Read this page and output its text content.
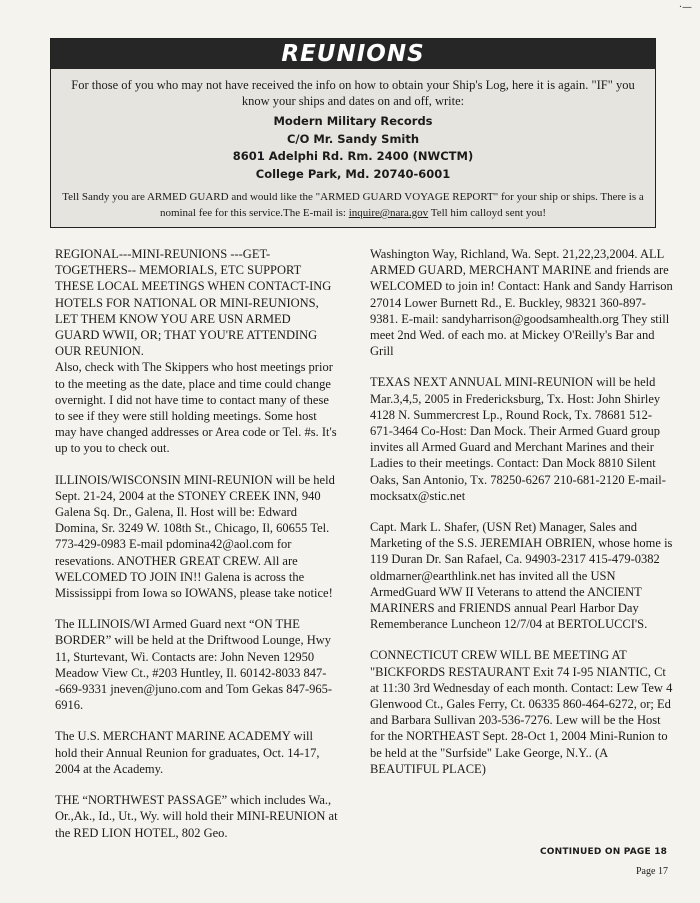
·—
REUNIONS
For those of you who may not have received the info on how to obtain your Ship's Log, here it is again. "IF" you know your ships and dates on and off, write:
Modern Military Records
C/O Mr. Sandy Smith
8601 Adelphi Rd. Rm. 2400 (NWCTM)
College Park, Md. 20740-6001
Tell Sandy you are ARMED GUARD and would like the "ARMED GUARD VOYAGE REPORT" for your ship or ships. There is a nominal fee for this service.The E-mail is: inquire@nara.gov Tell him calloyd sent you!

REGIONAL---MINI-REUNIONS ---GET-TOGETHERS-- MEMORIALS, ETC SUPPORT THESE LOCAL MEETINGS WHEN CONTACT-ING HOTELS FOR NATIONAL OR MINI-REUNIONS, LET THEM KNOW YOU ARE USN ARMED GUARD WWII, OR; THAT YOU'RE ATTENDING OUR REUNION.
Also, check with The Skippers who host meetings prior to the meeting as the date, place and time could change overnight. I did not have time to contact many of these to see if they were still holding meetings. Some host may have changed addresses or Area code or Tel. #s. It's up to you to check out.

ILLINOIS/WISCONSIN MINI-REUNION will be held Sept. 21-24, 2004 at the STONEY CREEK INN, 940 Galena Sq. Dr., Galena, Il. Host will be: Edward Domina, Sr. 3249 W. 108th St., Chicago, Il, 60655 Tel. 773-429-0983 E-mail pdomina42@aol.com for resevations. ANOTHER GREAT CREW. All are WELCOMED TO JOIN IN!! Galena is across the Mississippi from Iowa so IOWANS, please take notice!

The ILLINOIS/WI Armed Guard next “ON THE BORDER” will be held at the Driftwood Lounge, Hwy 11, Sturtevant, Wi. Contacts are: John Neven 12950 Meadow View Ct., #203 Huntley, Il. 60142-8033 847--669-9331 jneven@juno.com and Tom Gekas 847-965-6916.

The U.S. MERCHANT MARINE ACADEMY will hold their Annual Reunion for graduates, Oct. 14-17, 2004 at the Academy.

THE “NORTHWEST PASSAGE” which includes Wa., Or.,Ak., Id., Ut., Wy. will hold their MINI-REUNION at the RED LION HOTEL, 802 Geo.

Washington Way, Richland, Wa. Sept. 21,22,23,2004. ALL ARMED GUARD, MERCHANT MARINE and friends are WELCOMED to join in! Contact: Hank and Sandy Harrison 27014 Lower Burnett Rd., E. Buckley, 98321 360-897-9381. E-mail: sandyharrison@goodsamhealth.org They still meet 2nd Wed. of each mo. at Mickey O'Reilly's Bar and Grill

TEXAS NEXT ANNUAL MINI-REUNION will be held Mar.3,4,5, 2005 in Fredericksburg, Tx. Host: John Shirley 4128 N. Summercrest Lp., Round Rock, Tx. 78681 512-671-3464 Co-Host: Dan Mock. Their Armed Guard group invites all Armed Guard and Merchant Marines and their Ladies to their meetings. Contact: Dan Mock 8810 Silent Oaks, San Antonio, Tx. 78250-6267 210-681-2120 E-mail-mocksatx@stic.net

Capt. Mark L. Shafer, (USN Ret) Manager, Sales and Marketing of the S.S. JEREMIAH OBRIEN, whose home is 119 Duran Dr. San Rafael, Ca. 94903-2317 415-479-0382 oldmarner@earthlink.net has invited all the USN ArmedGuard WW II Veterans to attend the ANCIENT MARINERS and FRIENDS annual Pearl Harbor Day Rememberance Luncheon 12/7/04 at BERTOLUCCI'S.

CONNECTICUT CREW WILL BE MEETING AT "BICKFORDS RESTAURANT Exit 74 I-95 NIANTIC, Ct at 11:30 3rd Wednesday of each month. Contact: Lew Tew 4 Glenwood Ct., Gales Ferry, Ct. 06335 860-464-6272, or; Ed and Barbara Sullivan 203-536-7276. Lew will be the Host for the NORTHEAST Sept. 28-Oct 1, 2004 Mini-Runion to be held at the "Surfside" Lake George, N.Y.. (A BEAUTIFUL PLACE)

CONTINUED ON PAGE 18
Page 17
